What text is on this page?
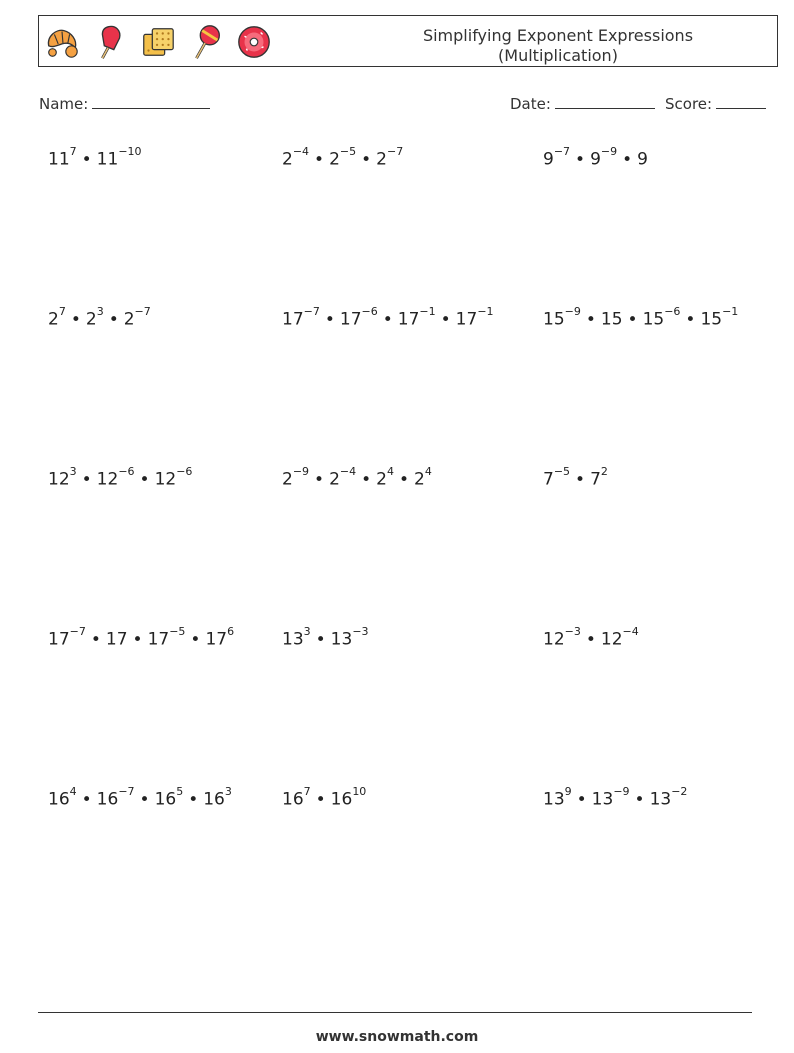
Simplifying Exponent Expressions
(Multiplication)
Name:	Date:	Score:
$11^7$ • $11^{-10}$	$2^{-4}$ • $2^{-5}$ • $2^{-7}$	$9^{-7}$ • $9^{-9}$ • 9
$2^7$ • $2^3$ • $2^{-7}$	$17^{-7}$ • $17^{-6}$ • $17^{-1}$ • $17^{-1}$	$15^{-9}$ • 15 • $15^{-6}$ • $15^{-1}$
$12^3$ • $12^{-6}$ • $12^{-6}$	$2^{-9}$ • $2^{-4}$ • $2^4$ • $2^4$	$7^{-5}$ • $7^2$
$17^{-7}$ • 17 • $17^{-5}$ • $17^6$	$13^3$ • $13^{-3}$	$12^{-3}$ • $12^{-4}$
$16^4$ • $16^{-7}$ • $16^5$ • $16^3$	$16^7$ • $16^{10}$	$13^9$ • $13^{-9}$ • $13^{-2}$
www.snowmath.com
